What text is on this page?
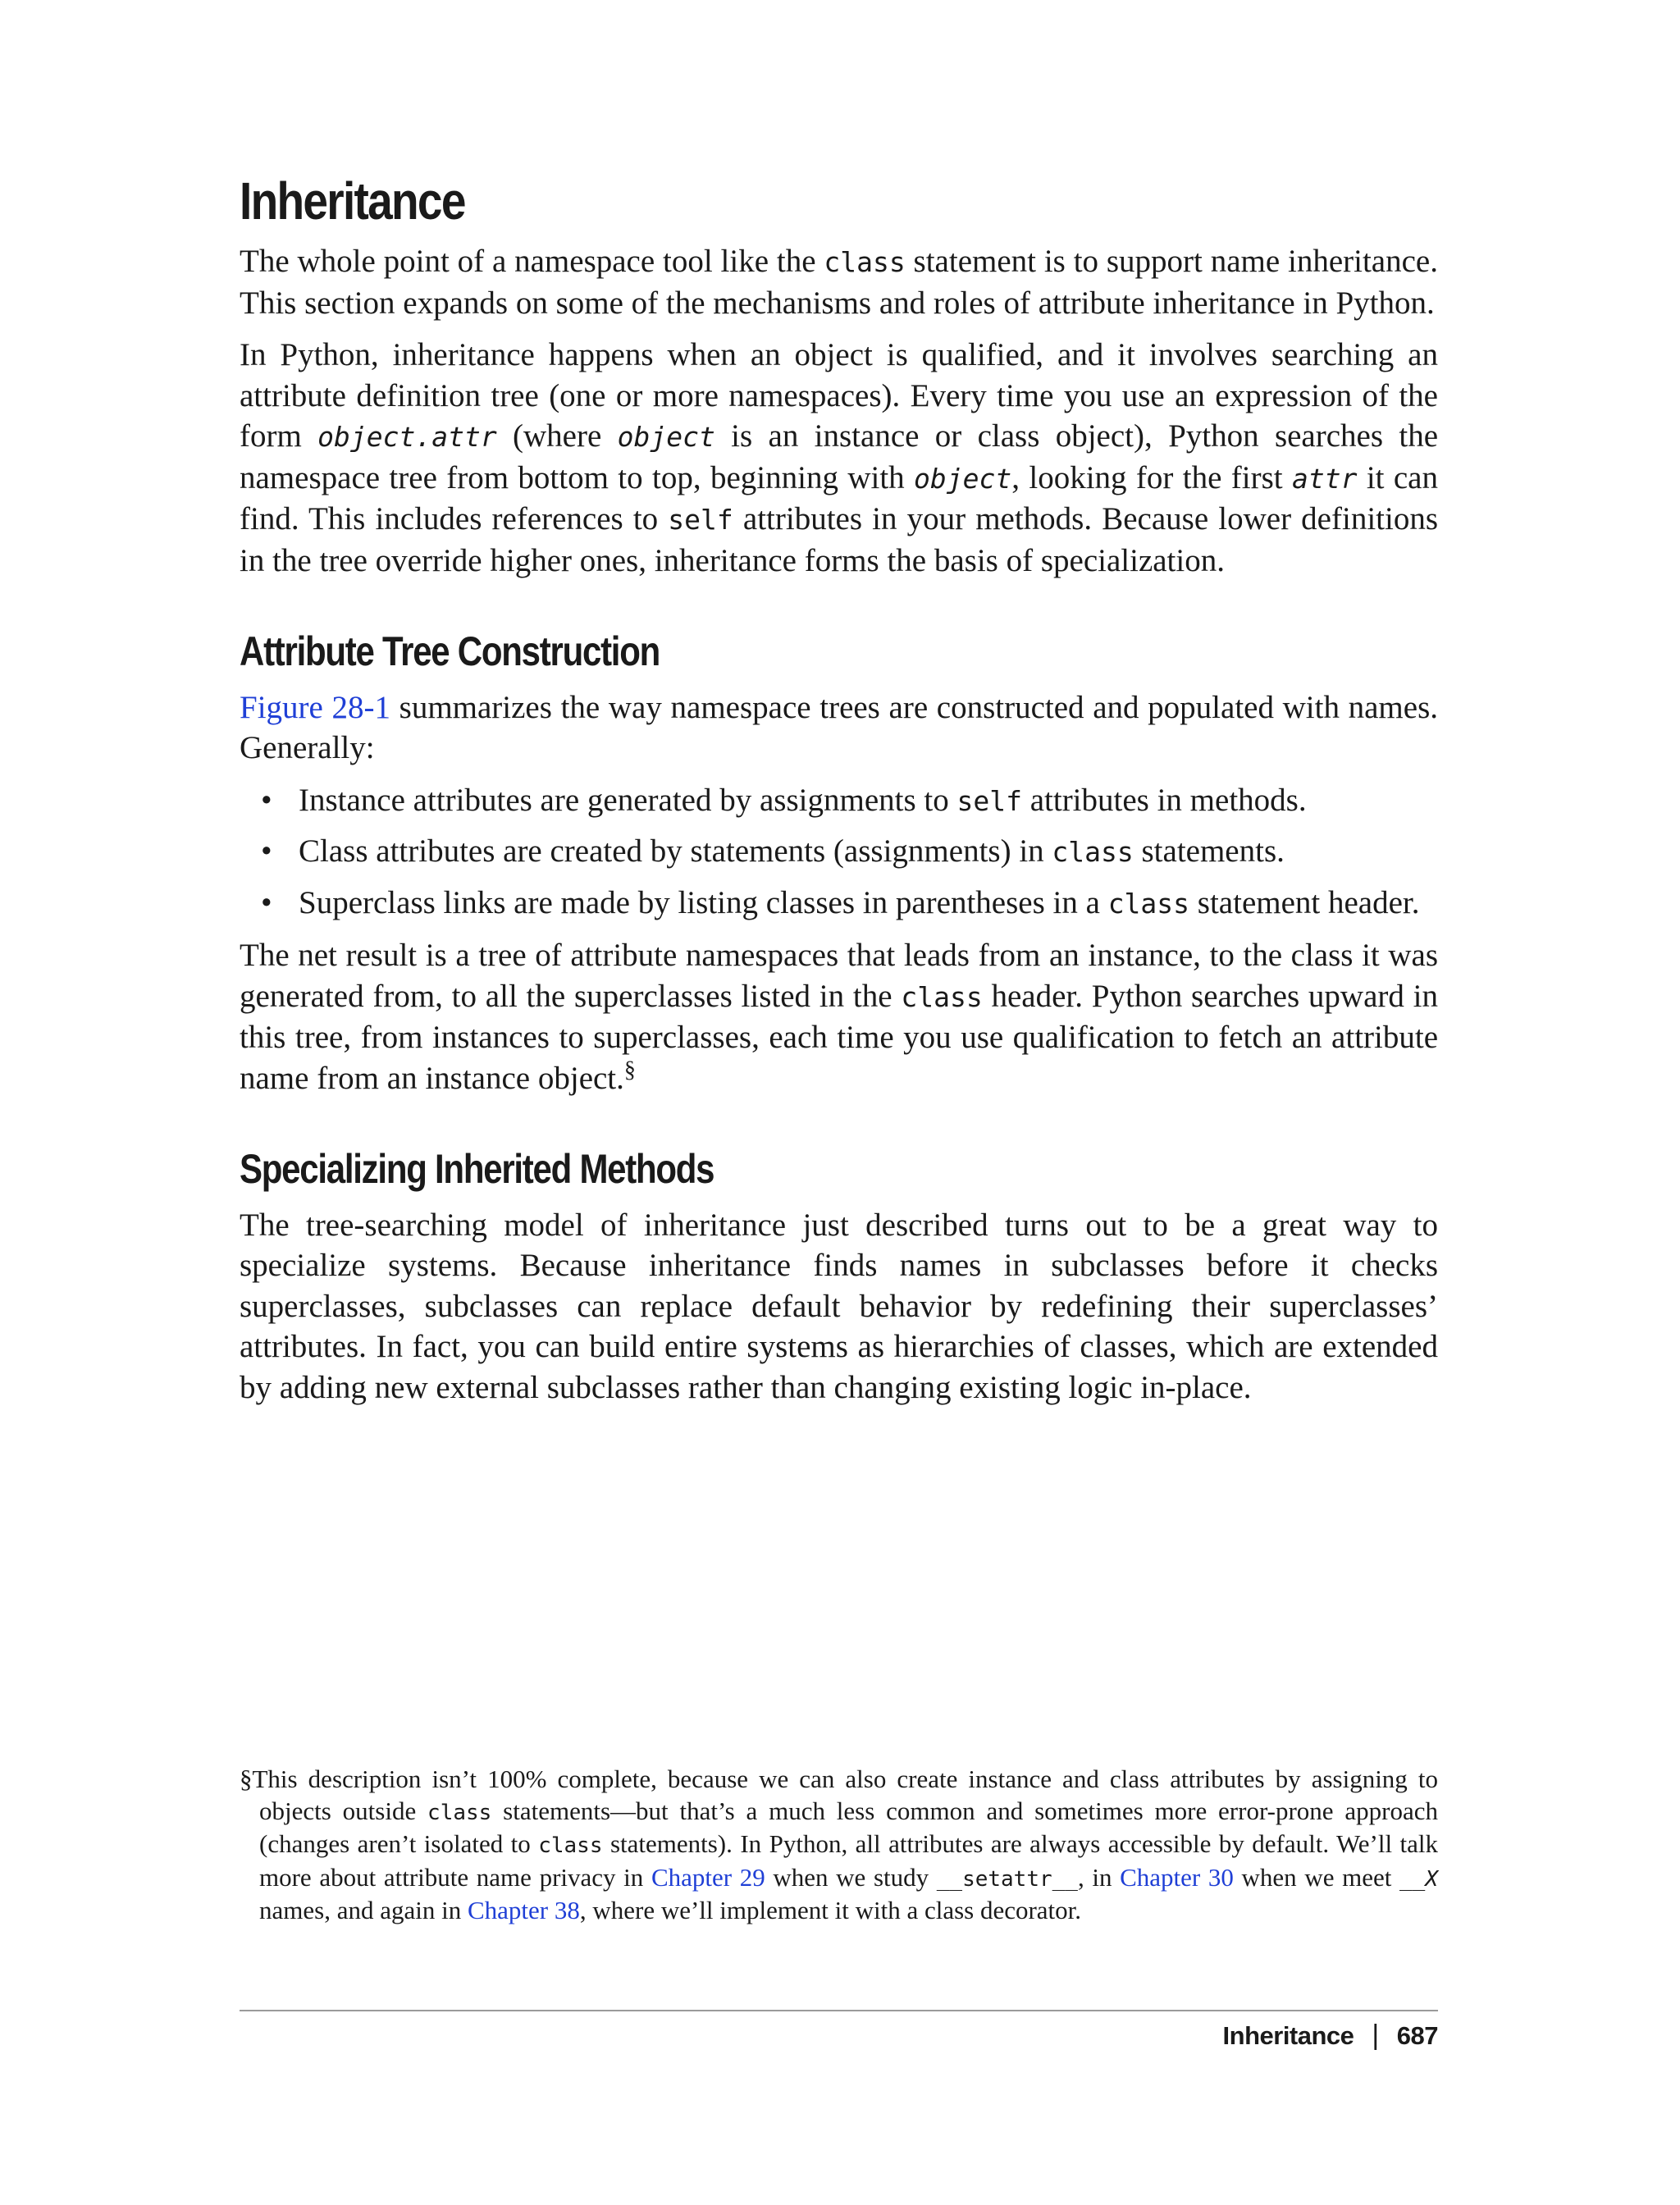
Inheritance

The whole point of a namespace tool like the class statement is to support name inheritance. This section expands on some of the mechanisms and roles of attribute inheritance in Python.

In Python, inheritance happens when an object is qualified, and it involves searching an attribute definition tree (one or more namespaces). Every time you use an expression of the form object.attr (where object is an instance or class object), Python searches the namespace tree from bottom to top, beginning with object, looking for the first attr it can find. This includes references to self attributes in your methods. Because lower definitions in the tree override higher ones, inheritance forms the basis of specialization.

Attribute Tree Construction

Figure 28-1 summarizes the way namespace trees are constructed and populated with names. Generally:

• Instance attributes are generated by assignments to self attributes in methods.
• Class attributes are created by statements (assignments) in class statements.
• Superclass links are made by listing classes in parentheses in a class statement header.

The net result is a tree of attribute namespaces that leads from an instance, to the class it was generated from, to all the superclasses listed in the class header. Python searches upward in this tree, from instances to superclasses, each time you use qualification to fetch an attribute name from an instance object.§

Specializing Inherited Methods

The tree-searching model of inheritance just described turns out to be a great way to specialize systems. Because inheritance finds names in subclasses before it checks superclasses, subclasses can replace default behavior by redefining their superclasses’ attributes. In fact, you can build entire systems as hierarchies of classes, which are extended by adding new external subclasses rather than changing existing logic in-place.

§This description isn’t 100% complete, because we can also create instance and class attributes by assigning to objects outside class statements—but that’s a much less common and sometimes more error-prone approach (changes aren’t isolated to class statements). In Python, all attributes are always accessible by default. We’ll talk more about attribute name privacy in Chapter 29 when we study __setattr__, in Chapter 30 when we meet __X names, and again in Chapter 38, where we’ll implement it with a class decorator.
Inheritance | 687
